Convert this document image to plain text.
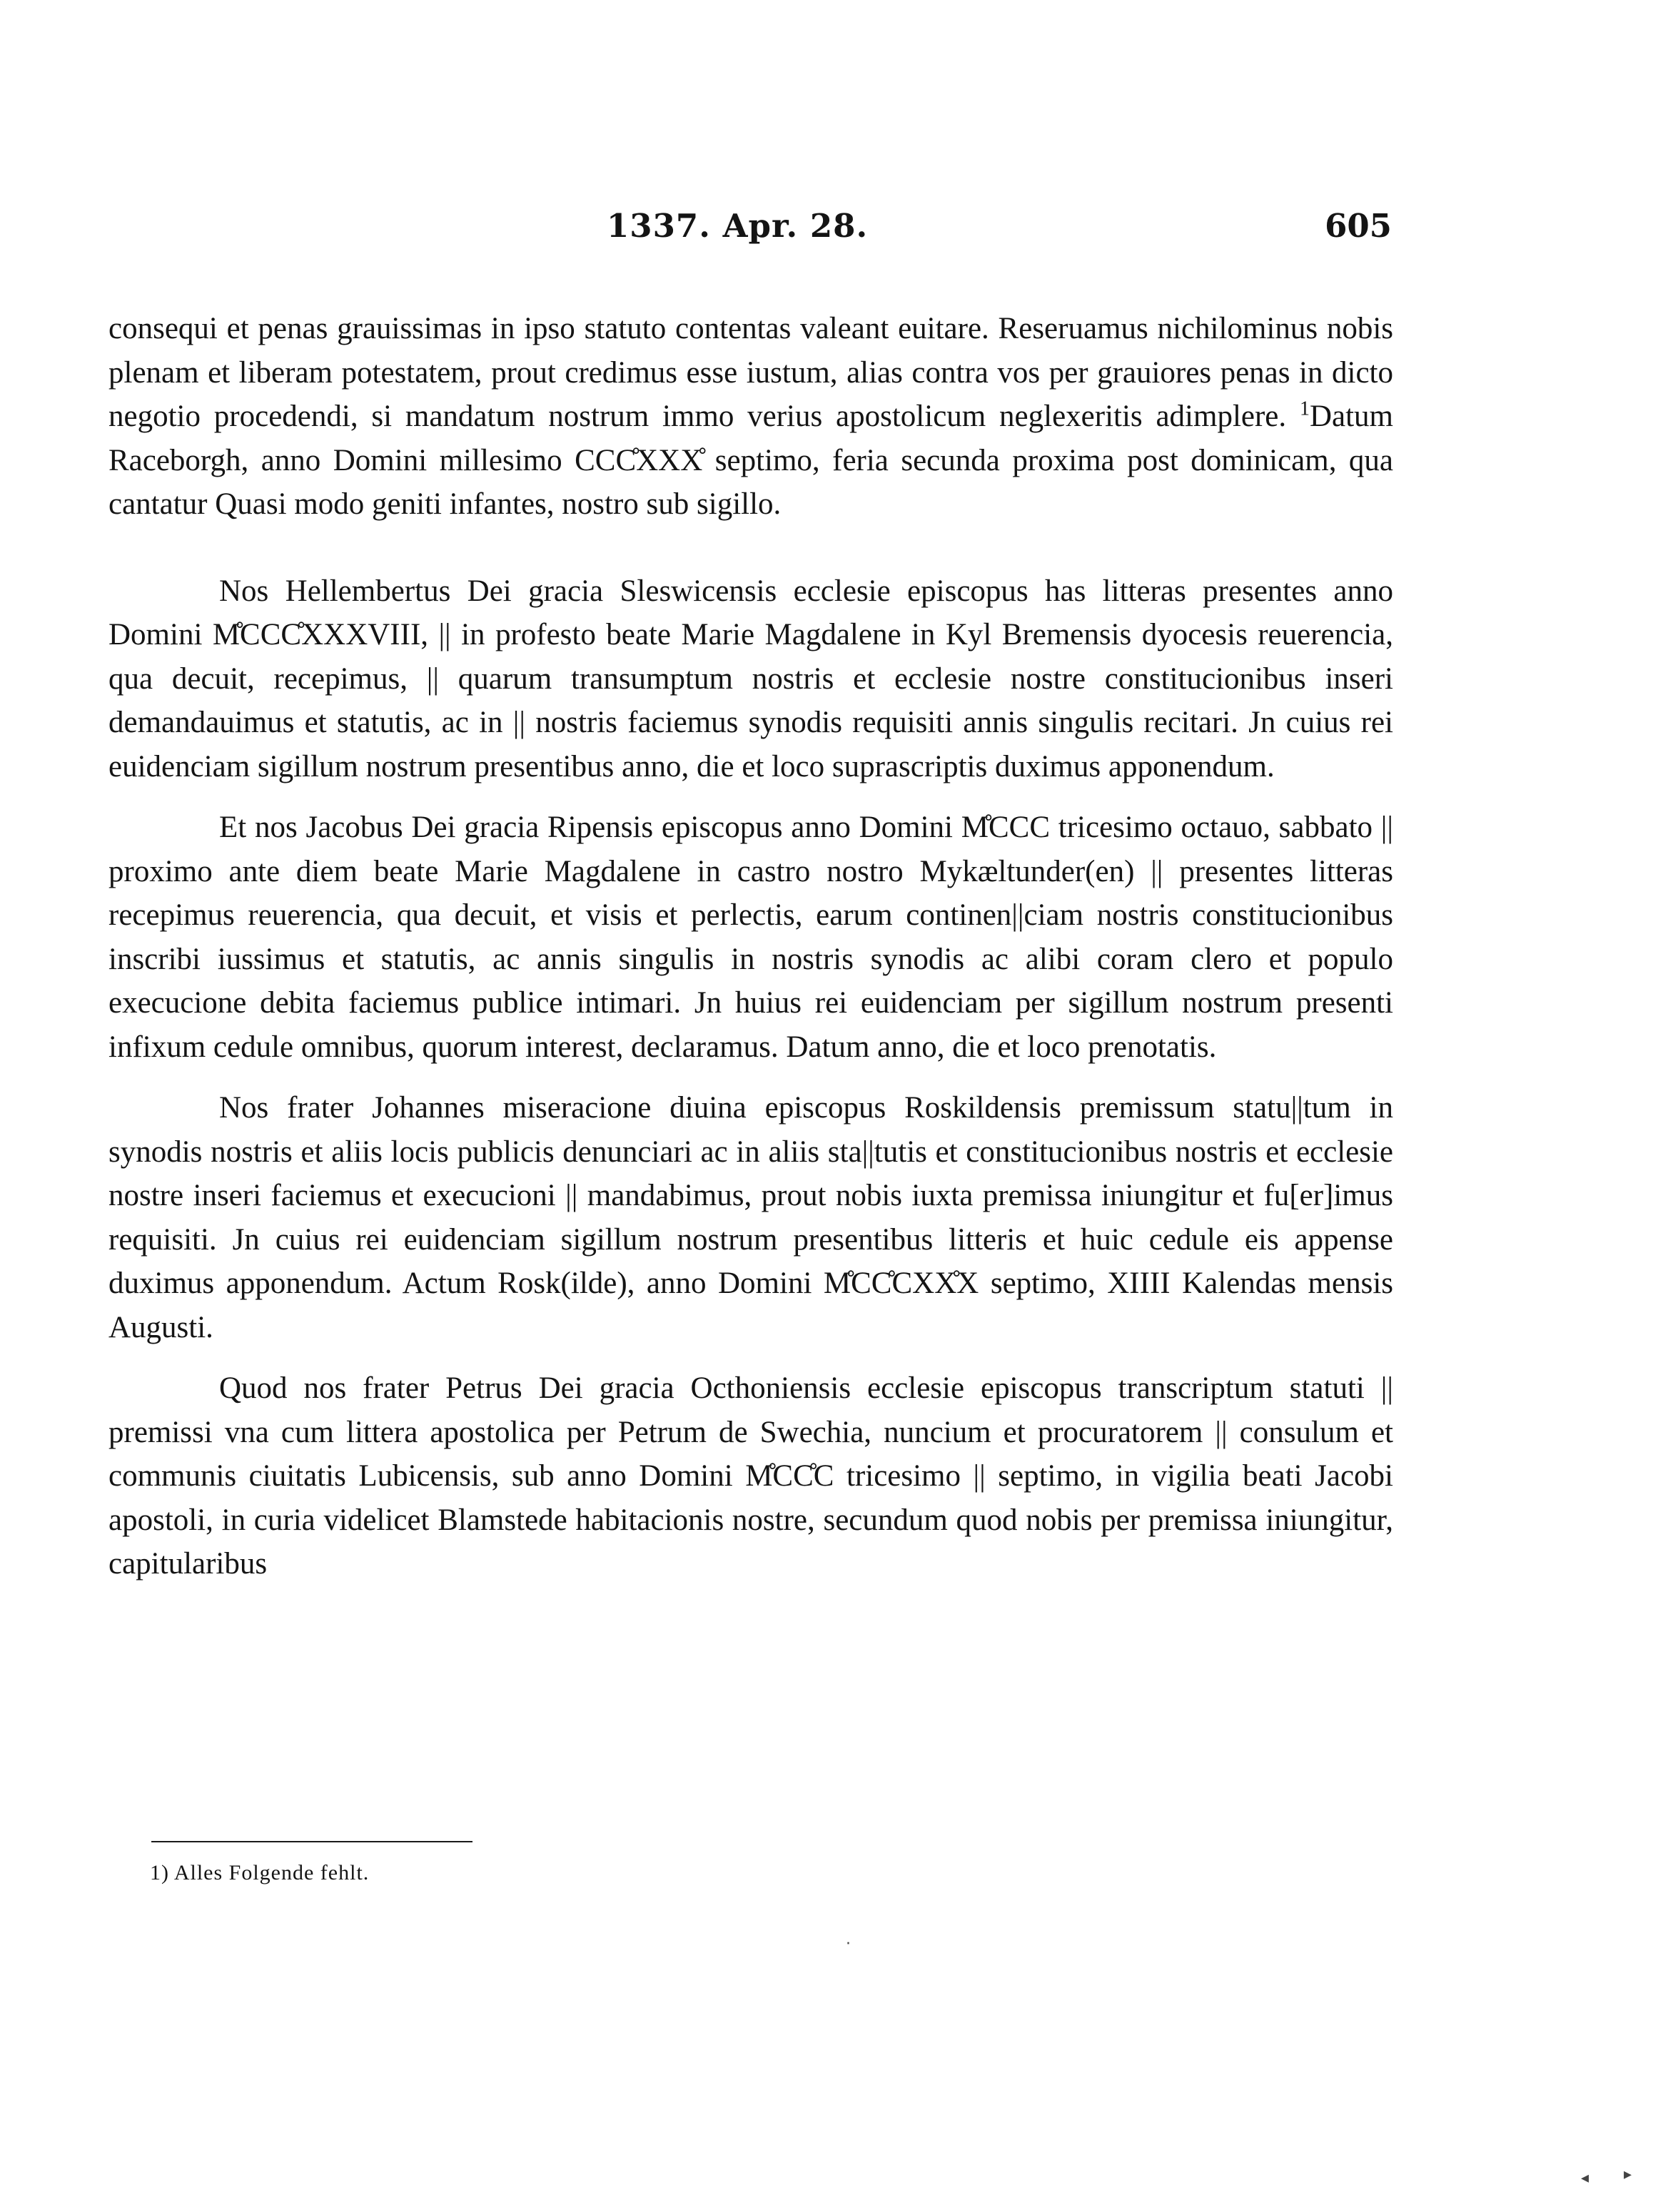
1337. Apr. 28.	605

consequi et penas grauissimas in ipso statuto contentas valeant euitare. Reseruamus nichilominus nobis plenam et liberam potestatem, prout credimus esse iustum, alias contra vos per grauiores penas in dicto negotio procedendi, si mandatum nostrum immo verius apostolicum neglexeritis adimplere. $^1$Datum Raceborgh, anno Domini millesimo CCC̊XXX̊ septimo, feria secunda proxima post dominicam, qua cantatur Quasi modo geniti infantes, nostro sub sigillo.

Nos Hellembertus Dei gracia Sleswicensis ecclesie episcopus has litteras presentes anno Domini M̊CCC̊XXXVIII, || in profesto beate Marie Magdalene in Kyl Bremensis dyocesis reuerencia, qua decuit, recepimus, || quarum transumptum nostris et ecclesie nostre constitucionibus inseri demandauimus et statutis, ac in || nostris faciemus synodis requisiti annis singulis recitari. Jn cuius rei euidenciam sigillum nostrum presentibus anno, die et loco suprascriptis duximus apponendum.

Et nos Jacobus Dei gracia Ripensis episcopus anno Domini M̊CCC tricesimo octauo, sabbato || proximo ante diem beate Marie Magdalene in castro nostro Mykæltunder(en) || presentes litteras recepimus reuerencia, qua decuit, et visis et perlectis, earum continen||ciam nostris constitucionibus inscribi iussimus et statutis, ac annis singulis in nostris synodis ac alibi coram clero et populo execucione debita faciemus publice intimari. Jn huius rei euidenciam per sigillum nostrum presenti infixum cedule omnibus, quorum interest, declaramus. Datum anno, die et loco prenotatis.

Nos frater Johannes miseracione diuina episcopus Roskildensis premissum statu||tum in synodis nostris et aliis locis publicis denunciari ac in aliis sta||tutis et constitucionibus nostris et ecclesie nostre inseri faciemus et execucioni || mandabimus, prout nobis iuxta premissa iniungitur et fu[er]imus requisiti. Jn cuius rei euidenciam sigillum nostrum presentibus litteris et huic cedule eis appense duximus apponendum. Actum Rosk(ilde), anno Domini M̊CC̊CXX̊X septimo, XIIII Kalendas mensis Augusti.

Quod nos frater Petrus Dei gracia Octhoniensis ecclesie episcopus transcriptum statuti || premissi vna cum littera apostolica per Petrum de Swechia, nuncium et procuratorem || consulum et communis ciuitatis Lubicensis, sub anno Domini M̊CC̊C tricesimo || septimo, in vigilia beati Jacobi apostoli, in curia videlicet Blamstede habitacionis nostre, secundum quod nobis per premissa iniungitur, capitularibus

1) Alles Folgende fehlt.
·
◂ ▸
